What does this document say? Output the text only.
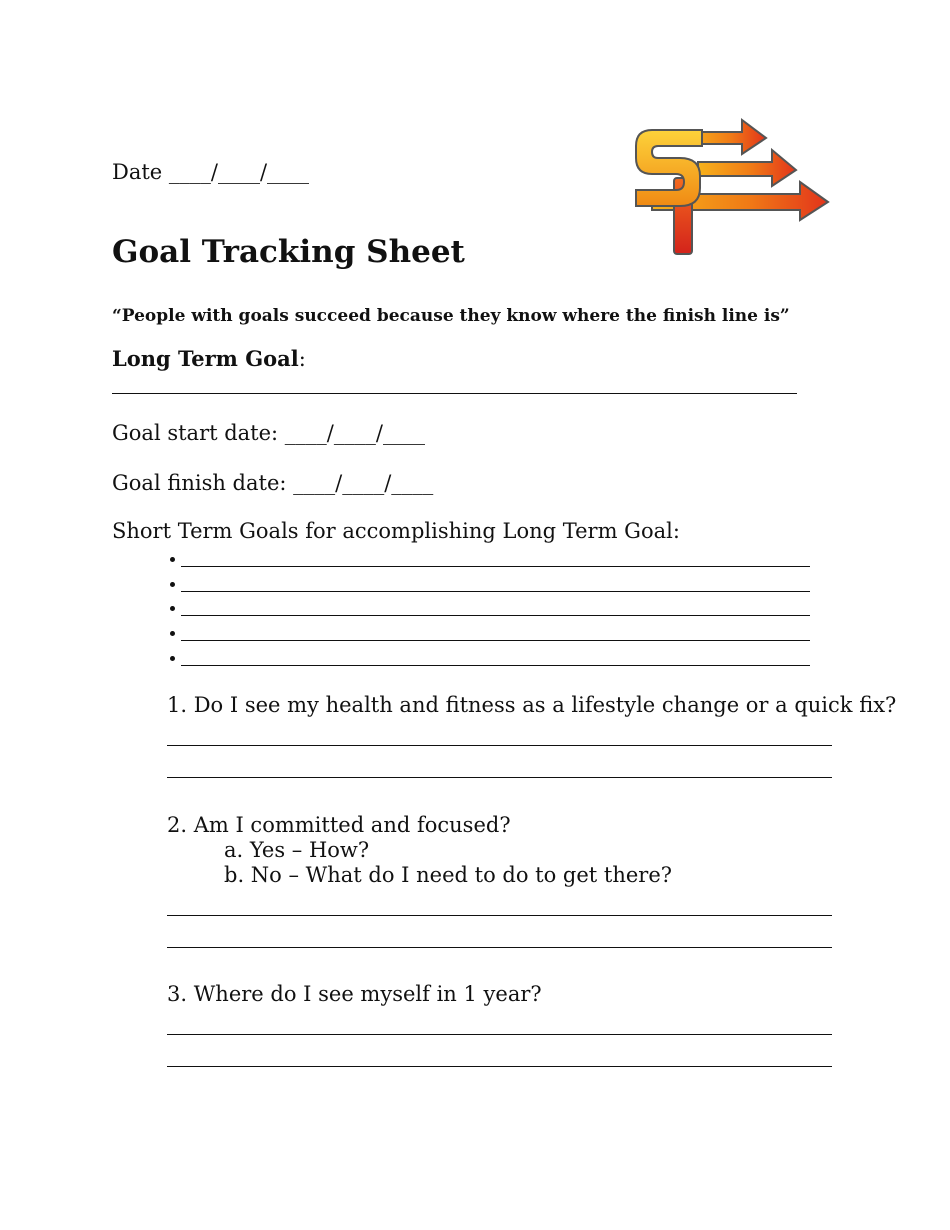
Date ____/____/____
Goal Tracking Sheet
“People with goals succeed because they know where the finish line is”
Long Term Goal:
Goal start date: ____/____/____
Goal finish date: ____/____/____
Short Term Goals for accomplishing Long Term Goal:
1. Do I see my health and fitness as a lifestyle change or a quick fix?
2. Am I committed and focused?
a. Yes – How?
b. No – What do I need to do to get there?
3. Where do I see myself in 1 year?
